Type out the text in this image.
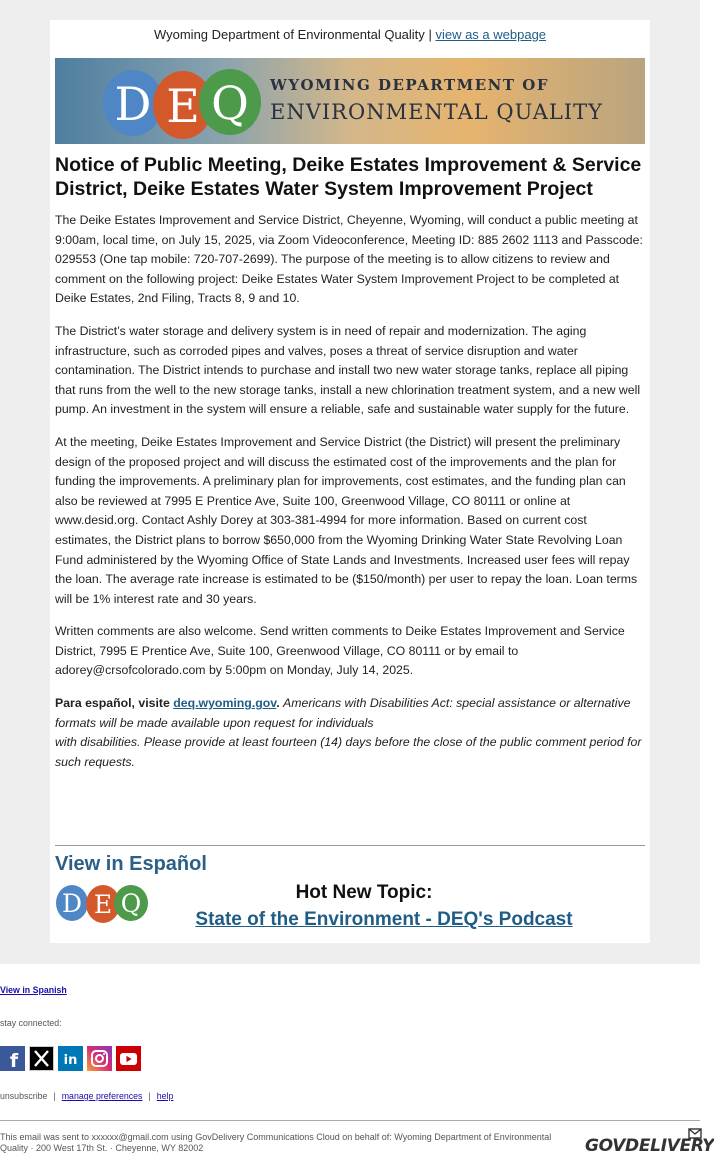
Wyoming Department of Environmental Quality | view as a webpage
D E Q WYOMING DEPARTMENT OF
ENVIRONMENTAL QUALITY
Notice of Public Meeting, Deike Estates Improvement & Service District, Deike Estates Water System Improvement Project

The Deike Estates Improvement and Service District, Cheyenne, Wyoming, will conduct a public meeting at 9:00am, local time, on July 15, 2025, via Zoom Videoconference, Meeting ID: 885 2602 1113 and Passcode: 029553 (One tap mobile: 720-707-2699). The purpose of the meeting is to allow citizens to review and comment on the following project: Deike Estates Water System Improvement Project to be completed at Deike Estates, 2nd Filing, Tracts 8, 9 and 10.

The District’s water storage and delivery system is in need of repair and modernization. The aging infrastructure, such as corroded pipes and valves, poses a threat of service disruption and water contamination. The District intends to purchase and install two new water storage tanks, replace all piping that runs from the well to the new storage tanks, install a new chlorination treatment system, and a new well pump. An investment in the system will ensure a reliable, safe and sustainable water supply for the future.

At the meeting, Deike Estates Improvement and Service District (the District) will present the preliminary design of the proposed project and will discuss the estimated cost of the improvements and the plan for funding the improvements. A preliminary plan for improvements, cost estimates, and the funding plan can also be reviewed at 7995 E Prentice Ave, Suite 100, Greenwood Village, CO 80111 or online at www.desid.org. Contact Ashly Dorey at 303-381-4994 for more information. Based on current cost estimates, the District plans to borrow $650,000 from the Wyoming Drinking Water State Revolving Loan Fund administered by the Wyoming Office of State Lands and Investments. Increased user fees will repay the loan. The average rate increase is estimated to be ($150/month) per user to repay the loan. Loan terms will be 1% interest rate and 30 years.

Written comments are also welcome. Send written comments to Deike Estates Improvement and Service District, 7995 E Prentice Ave, Suite 100, Greenwood Village, CO 80111 or by email to adorey@crsofcolorado.com by 5:00pm on Monday, July 14, 2025.

Para español, visite deq.wyoming.gov. Americans with Disabilities Act: special assistance or alternative formats will be made available upon request for individuals
with disabilities. Please provide at least fourteen (14) days before the close of the public comment period for such requests.

View in Español
D E Q	Hot New Topic:
State of the Environment - DEQ's Podcast
View in Spanish
stay connected:
f	in
unsubscribe | manage preferences | help
This email was sent to xxxxxx@gmail.com using GovDelivery Communications Cloud on behalf of: Wyoming Department of Environmental Quality · 200 West 17th St. · Cheyenne, WY 82002	GOVDELIVERY
